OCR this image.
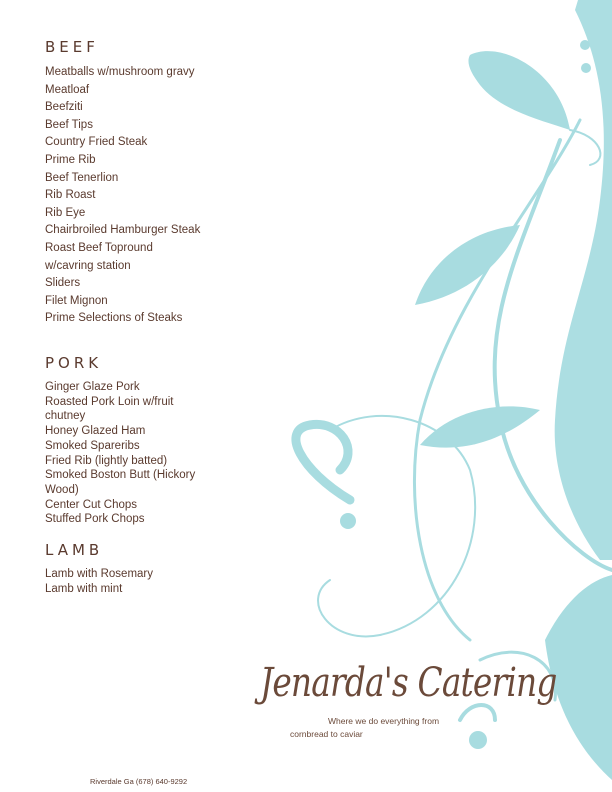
BEEF
Meatballs w/mushroom gravy
Meatloaf
Beefziti
Beef Tips
Country Fried Steak
Prime Rib
Beef Tenerlion
Rib Roast
Rib Eye
Chairbroiled Hamburger Steak
Roast Beef Topround
w/cavring station
Sliders
Filet Mignon
Prime Selections of Steaks
PORK
Ginger Glaze Pork
Roasted Pork Loin w/fruit
chutney
Honey Glazed Ham
Smoked Spareribs
Fried Rib (lightly batted)
Smoked Boston Butt (Hickory
Wood)
Center Cut Chops
Stuffed Pork Chops
LAMB
Lamb with Rosemary
Lamb with mint
Jenarda's Catering
Where we do everything from
cornbread to caviar
Riverdale Ga (678) 640-9292
